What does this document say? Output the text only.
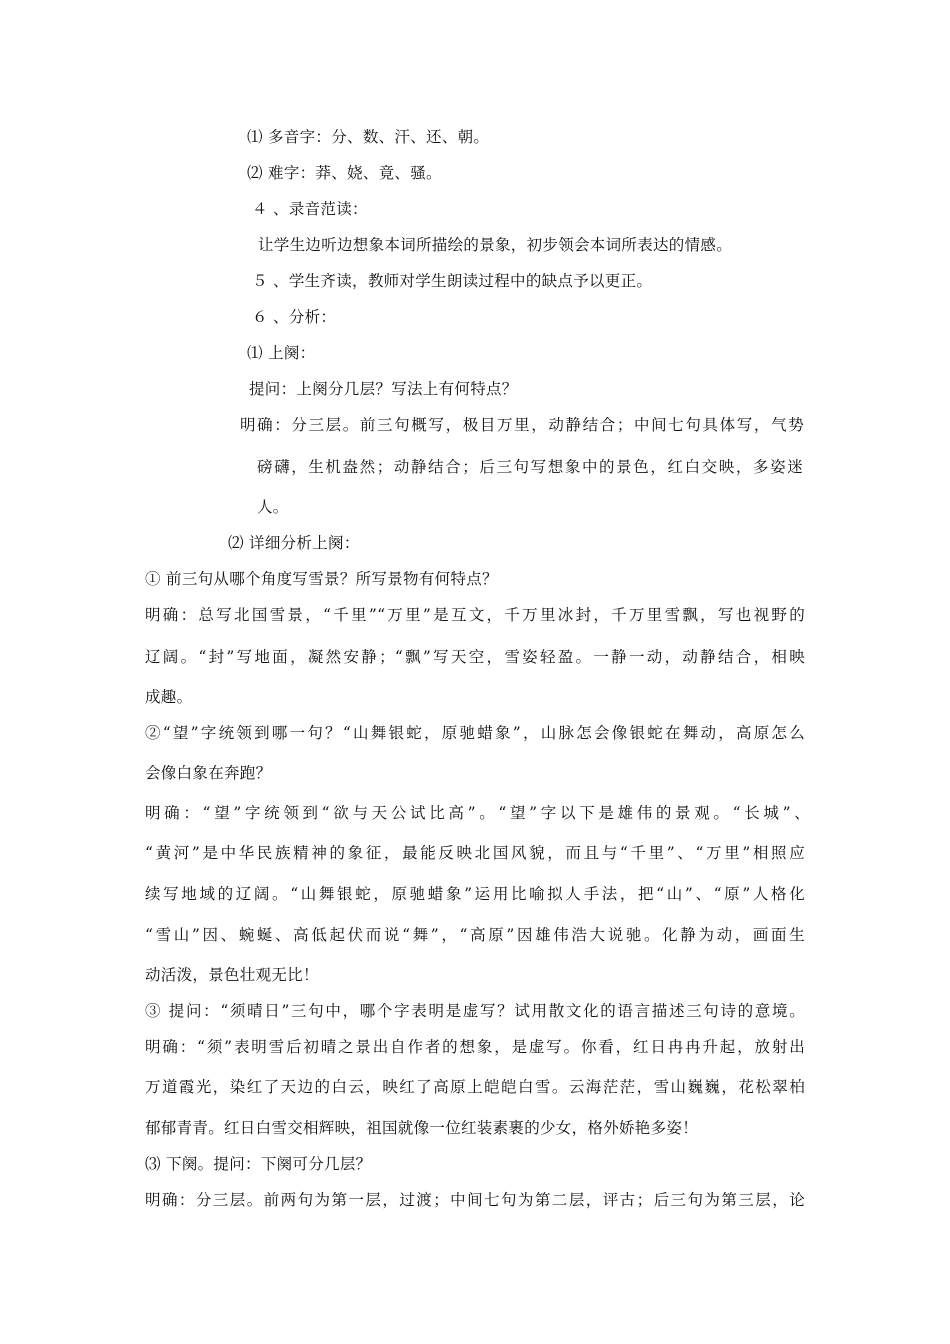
⑴ 多音字：分、数、汗、还、朝。
⑵ 难字：莽、娆、竟、骚。
４ 、录音范读：
让学生边听边想象本词所描绘的景象，初步领会本词所表达的情感。
５ 、学生齐读，教师对学生朗读过程中的缺点予以更正。
６ 、分析：
⑴ 上阕：
提问：上阕分几层？写法上有何特点？
明确：分三层。前三句概写，极目万里，动静结合；中间七句具体写，气势
磅礴，生机盎然；动静结合；后三句写想象中的景色，红白交映，多姿迷
人。
⑵ 详细分析上阕：
① 前三句从哪个角度写雪景？所写景物有何特点？
明确：总写北国雪景，“千里”“万里”是互文，千万里冰封，千万里雪飘，写也视野的
辽阔。“封”写地面，凝然安静；“飘”写天空，雪姿轻盈。一静一动，动静结合，相映
成趣。
②“望”字统领到哪一句？“山舞银蛇，原驰蜡象”，山脉怎会像银蛇在舞动，高原怎么
会像白象在奔跑？
明确：“望”字统领到“欲与天公试比高”。“望”字以下是雄伟的景观。“长城”、
“黄河”是中华民族精神的象征，最能反映北国风貌，而且与“千里”、“万里”相照应
续写地域的辽阔。“山舞银蛇，原驰蜡象”运用比喻拟人手法，把“山”、“原”人格化
“雪山”因、蜿蜒、高低起伏而说“舞”，“高原”因雄伟浩大说驰。化静为动，画面生
动活泼，景色壮观无比！
③ 提问：“须晴日”三句中，哪个字表明是虚写？试用散文化的语言描述三句诗的意境。
明确：“须”表明雪后初晴之景出自作者的想象，是虚写。你看，红日冉冉升起，放射出
万道霞光，染红了天边的白云，映红了高原上皑皑白雪。云海茫茫，雪山巍巍，花松翠柏
郁郁青青。红日白雪交相辉映，祖国就像一位红装素裹的少女，格外娇艳多姿！
⑶ 下阕。提问：下阕可分几层？
明确：分三层。前两句为第一层，过渡；中间七句为第二层，评古；后三句为第三层，论
